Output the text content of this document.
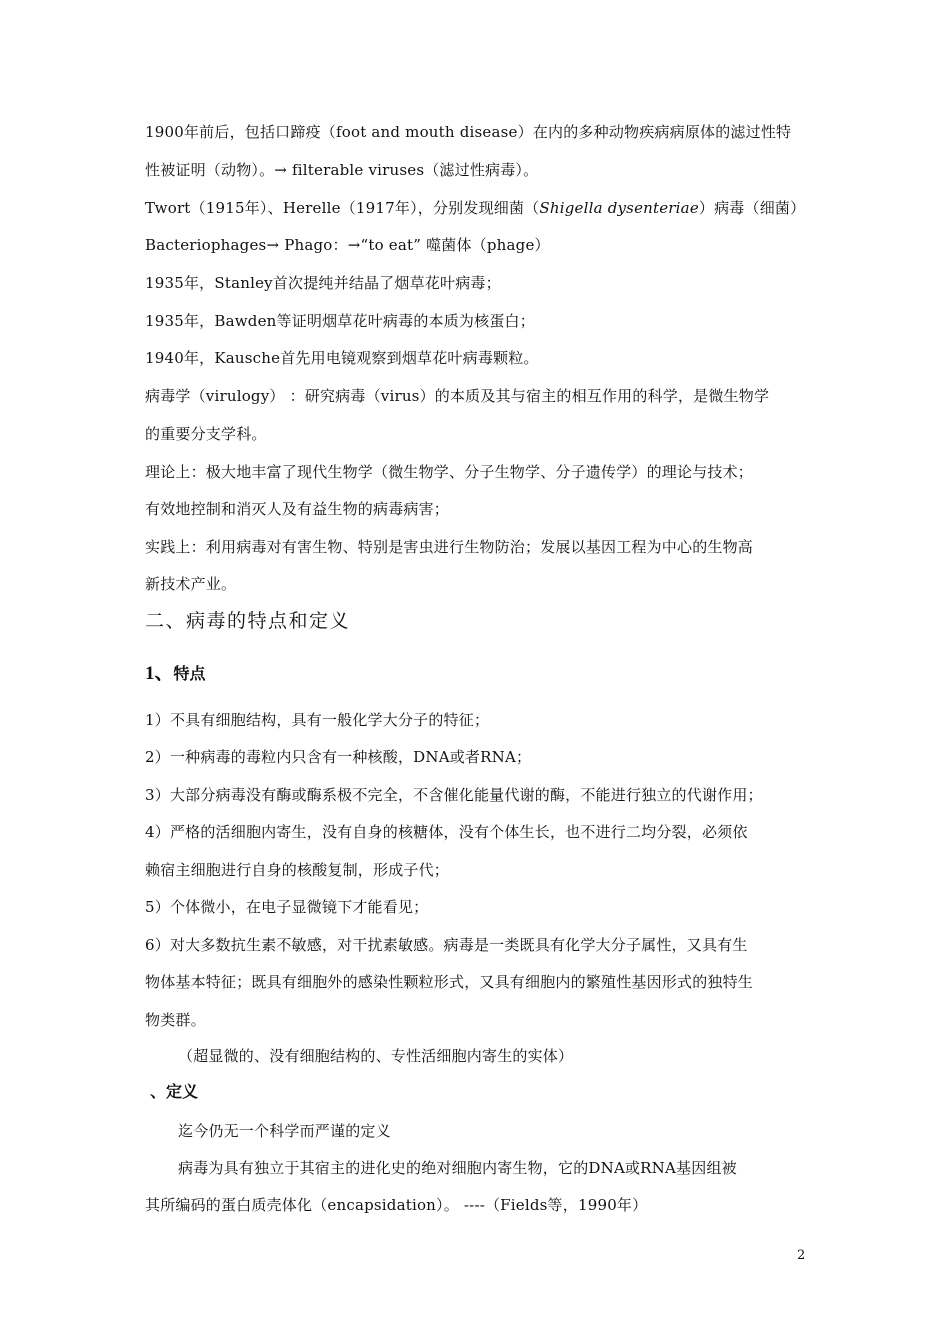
1900年前后，包括口蹄疫（foot and mouth disease）在内的多种动物疾病病原体的滤过性特
性被证明（动物）。→ filterable viruses（滤过性病毒）。
Twort（1915年）、Herelle（1917年），分别发现细菌（Shigella dysenteriae）病毒（细菌）
Bacteriophages→ Phago：→“to eat” 噬菌体（phage）
1935年，Stanley首次提纯并结晶了烟草花叶病毒；
1935年，Bawden等证明烟草花叶病毒的本质为核蛋白；
1940年，Kausche首先用电镜观察到烟草花叶病毒颗粒。
病毒学（virulogy） ：研究病毒（virus）的本质及其与宿主的相互作用的科学，是微生物学
的重要分支学科。
理论上：极大地丰富了现代生物学（微生物学、分子生物学、分子遗传学）的理论与技术；
有效地控制和消灭人及有益生物的病毒病害；
实践上：利用病毒对有害生物、特别是害虫进行生物防治；发展以基因工程为中心的生物高
新技术产业。
二、病毒的特点和定义
1、特点
1）不具有细胞结构，具有一般化学大分子的特征；
2）一种病毒的毒粒内只含有一种核酸，DNA或者RNA；
3）大部分病毒没有酶或酶系极不完全，不含催化能量代谢的酶，不能进行独立的代谢作用；
4）严格的活细胞内寄生，没有自身的核糖体，没有个体生长，也不进行二均分裂，必须依
赖宿主细胞进行自身的核酸复制，形成子代；
5）个体微小，在电子显微镜下才能看见；
6）对大多数抗生素不敏感，对干扰素敏感。病毒是一类既具有化学大分子属性，又具有生
物体基本特征；既具有细胞外的感染性颗粒形式，又具有细胞内的繁殖性基因形式的独特生
物类群。
（超显微的、没有细胞结构的、专性活细胞内寄生的实体）
、定义
迄今仍无一个科学而严谨的定义
病毒为具有独立于其宿主的进化史的绝对细胞内寄生物，它的DNA或RNA基因组被
其所编码的蛋白质壳体化（encapsidation）。 ----（Fields等，1990年）
2
